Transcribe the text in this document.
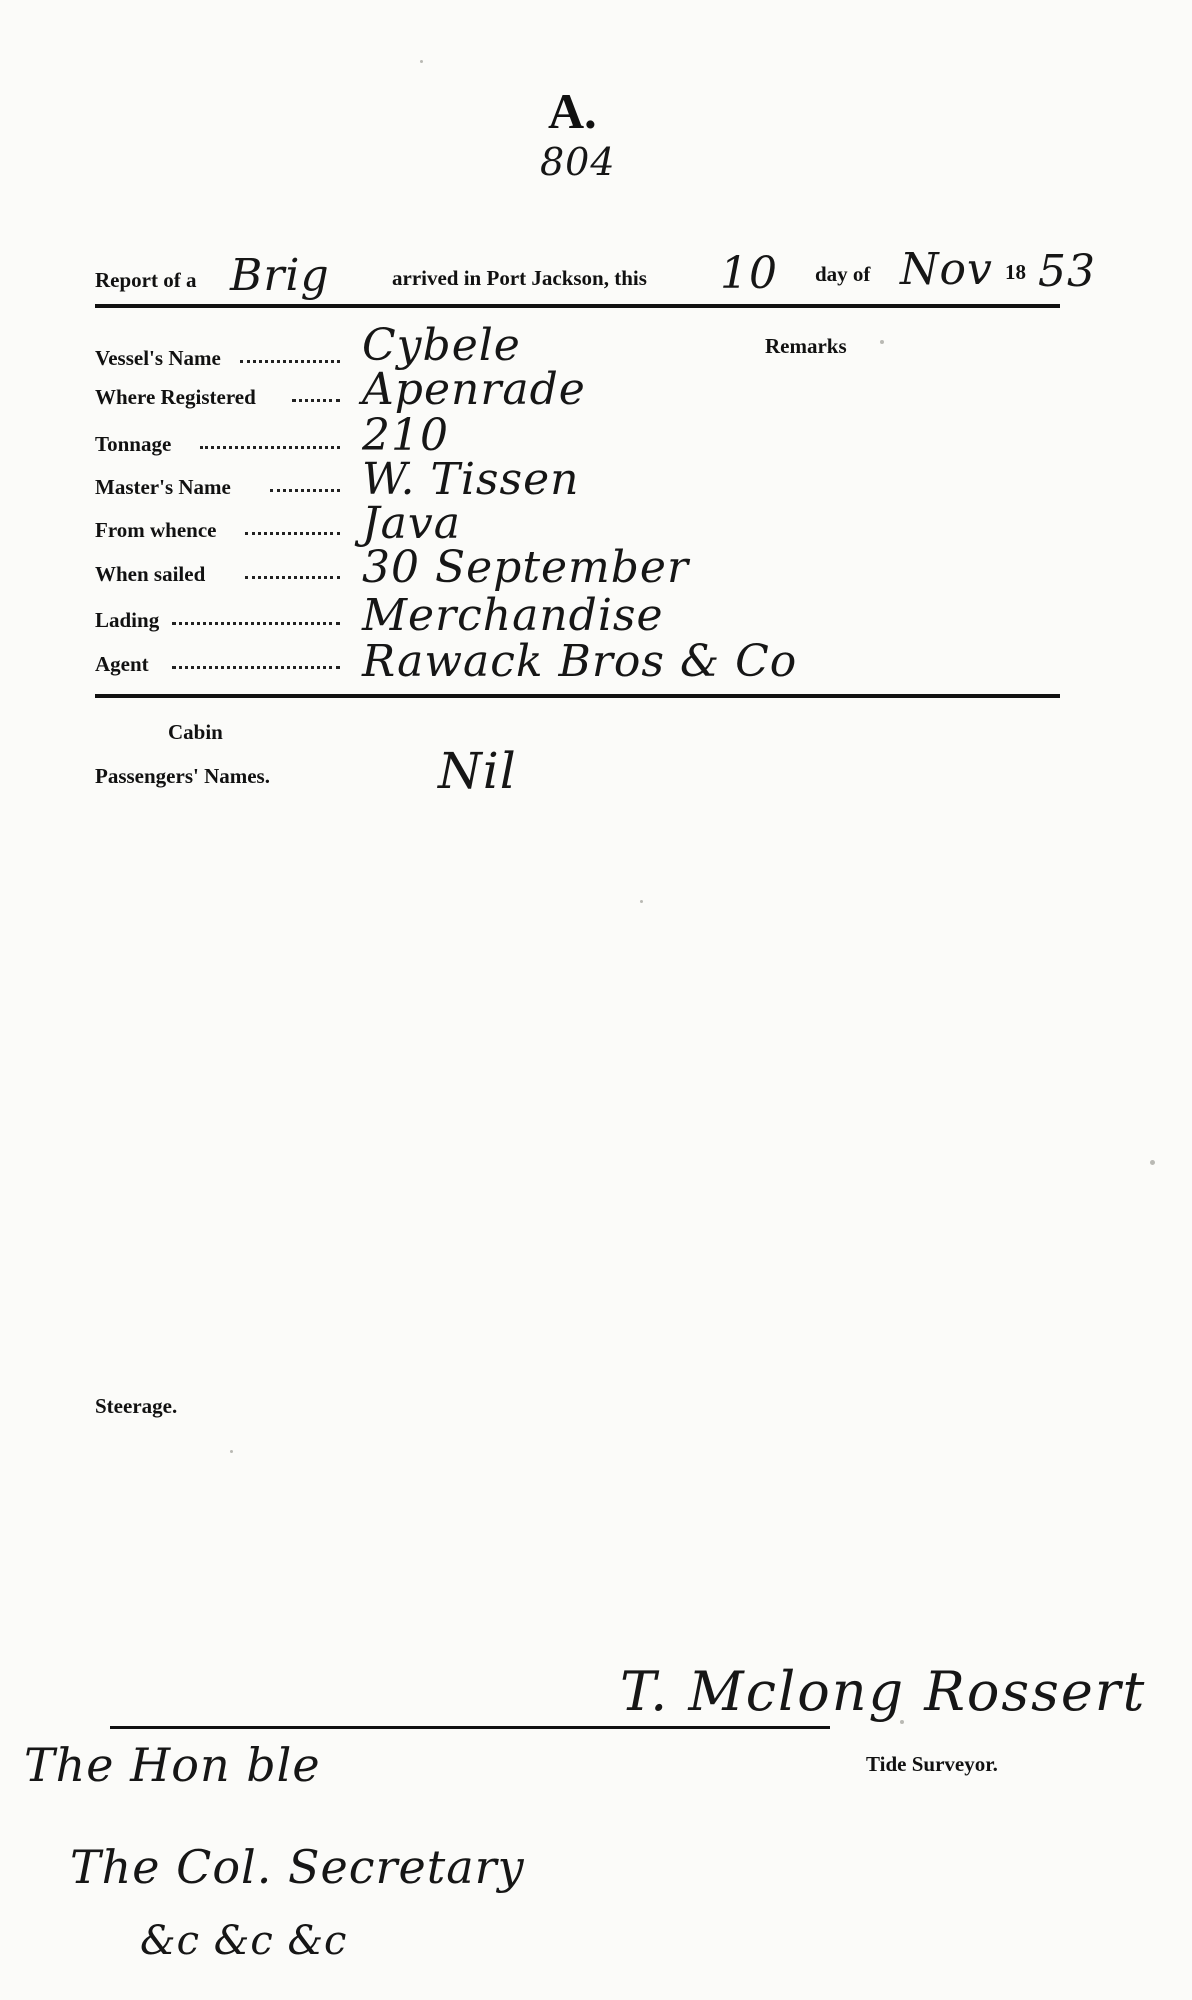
A.
804
Report of a Brig	arrived in Port Jackson, this 10 day of Nov 18 53
Remarks
Vessel's Name	Cybele
Where Registered Apenrade
Tonnage	210
Master's Name	W. Tissen
From whence	Java
When sailed	30 September
Lading	Merchandise
Agent	Rawack Bros & Co
Cabin
Passengers' Names.	Nil
Steerage.
T. Mclong Rossert
Tide Surveyor.
The Hon ble
The Col. Secretary
&c &c &c
